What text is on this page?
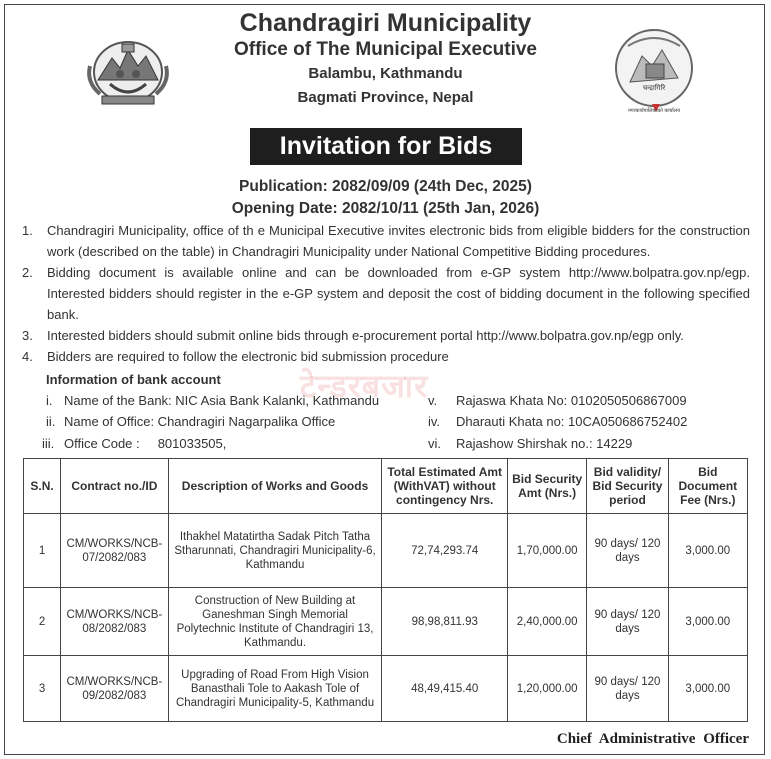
चन्द्रागिरि
नगरकार्यपालिकाको कार्यालय
Chandragiri Municipality
Office of The Municipal Executive
Balambu, Kathmandu
Bagmati Province, Nepal
Invitation for Bids
Publication: 2082/09/09 (24th Dec, 2025)
Opening Date: 2082/10/11 (25th Jan, 2026)
1. Chandragiri Municipality, office of th e Municipal Executive invites electronic bids from eligible bidders for the construction work (described on the table) in Chandragiri Municipality under National Competitive Bidding procedures.
2. Bidding document is available online and can be downloaded from e-GP system http://www.bolpatra.gov.np/egp. Interested bidders should register in the e-GP system and deposit the cost of bidding document in the following specified bank.
3. Interested bidders should submit online bids through e-procurement portal http://www.bolpatra.gov.np/egp only.
4. Bidders are required to follow the electronic bid submission procedure
टेन्डरबजार
Information of bank account
i. Name of the Bank: NIC Asia Bank Kalanki, Kathmandu
ii. Name of Office: Chandragiri Nagarpalika Office
iii. Office Code :     801033505,
v. Rajaswa Khata No: 0102050506867009
iv. Dharauti Khata no: 10CA050686752402
vi. Rajashow Shirshak no.: 14229
S.N.	Contract no./ID	Description of Works and Goods	Total Estimated Amt (WithVAT) without contingency Nrs.	Bid Security Amt (Nrs.)	Bid validity/ Bid Security period	Bid Document Fee (Nrs.)
1	CM/WORKS/NCB-07/2082/083	Ithakhel Matatirtha Sadak Pitch Tatha Stharunnati, Chandragiri Municipality-6, Kathmandu	72,74,293.74	1,70,000.00	90 days/ 120 days	3,000.00
2	CM/WORKS/NCB-08/2082/083	Construction of New Building at Ganeshman Singh Memorial Polytechnic Institute of Chandragiri 13, Kathmandu.	98,98,811.93	2,40,000.00	90 days/ 120 days	3,000.00
3	CM/WORKS/NCB-09/2082/083	Upgrading of Road From High Vision Banasthali Tole to Aakash Tole of Chandragiri Municipality-5, Kathmandu	48,49,415.40	1,20,000.00	90 days/ 120 days	3,000.00
Chief Administrative Officer
